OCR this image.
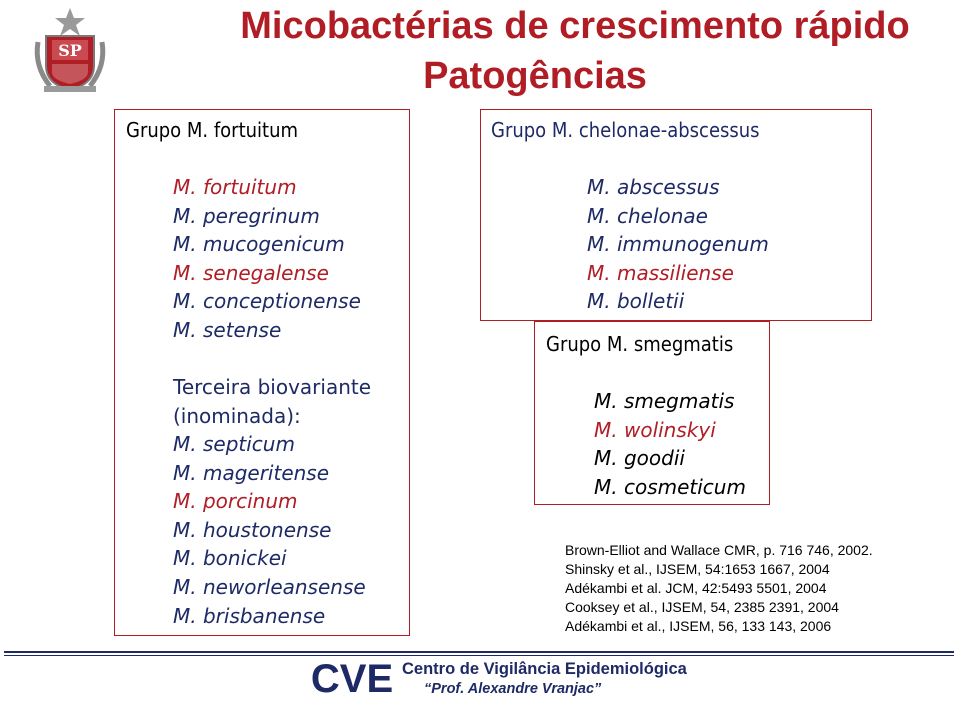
Micobactérias de crescimento rápido
Patogências
SP
Grupo M. fortuitum
M. fortuitum
M. peregrinum
M. mucogenicum
M. senegalense
M. conceptionense
M. setense
Terceira biovariante
(inominada):
M. septicum
M. mageritense
M. porcinum
M. houstonense
M. bonickei
M. neworleansense
M. brisbanense
Grupo M. chelonae-abscessus
M. abscessus
M. chelonae
M. immunogenum
M. massiliense
M. bolletii
Grupo M. smegmatis
M. smegmatis
M. wolinskyi
M. goodii
M. cosmeticum
Brown-Elliot and Wallace CMR, p. 716 746, 2002.
Shinsky et al., IJSEM, 54:1653 1667, 2004
Adékambi et al. JCM, 42:5493 5501, 2004
Cooksey et al., IJSEM, 54, 2385 2391, 2004
Adékambi et al., IJSEM, 56, 133 143, 2006
CVE Centro de Vigilância Epidemiológica
“Prof. Alexandre Vranjac”
